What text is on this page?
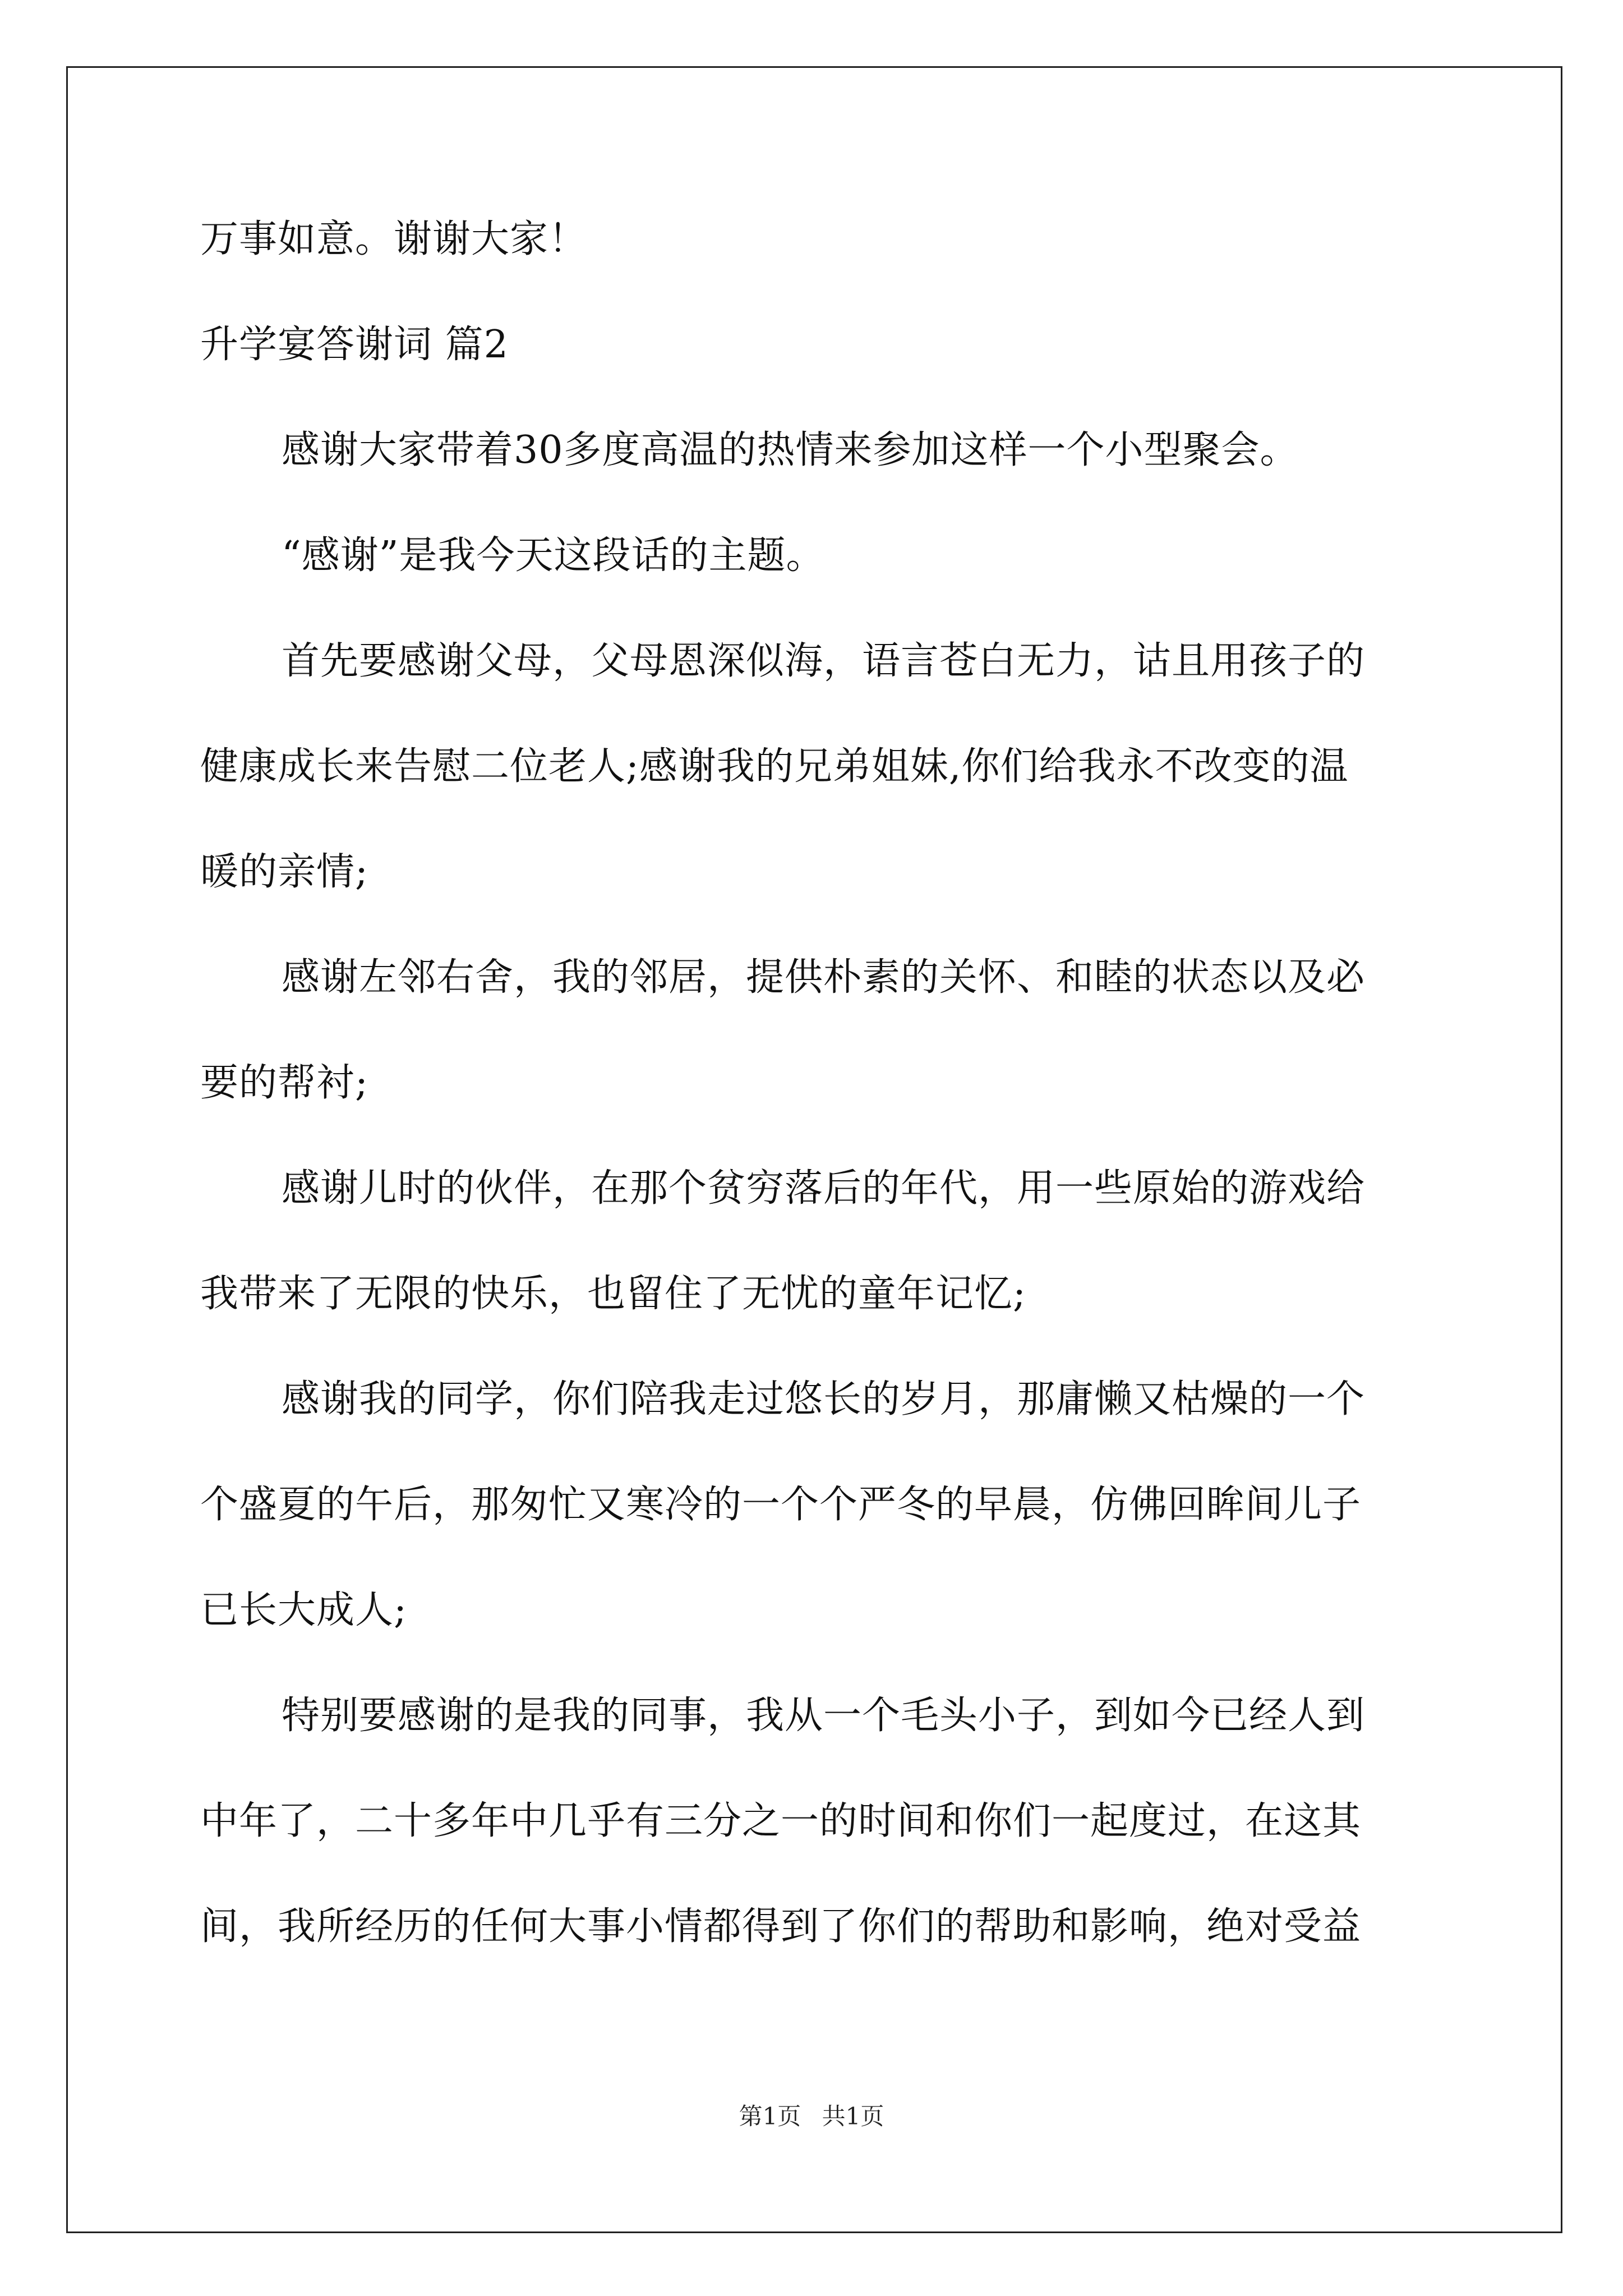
万事如意。谢谢大家！
升学宴答谢词 篇2
感谢大家带着30多度高温的热情来参加这样一个小型聚会。
“感谢”是我今天这段话的主题。
首先要感谢父母，父母恩深似海，语言苍白无力，诂且用孩子的
健康成长来告慰二位老人;感谢我的兄弟姐妹,你们给我永不改变的温
暖的亲情;
感谢左邻右舍，我的邻居，提供朴素的关怀、和睦的状态以及必
要的帮衬;
感谢儿时的伙伴，在那个贫穷落后的年代，用一些原始的游戏给
我带来了无限的快乐，也留住了无忧的童年记忆;
感谢我的同学，你们陪我走过悠长的岁月，那庸懒又枯燥的一个
个盛夏的午后，那匆忙又寒冷的一个个严冬的早晨，仿佛回眸间儿子
已长大成人;
特别要感谢的是我的同事，我从一个毛头小子，到如今已经人到
中年了，二十多年中几乎有三分之一的时间和你们一起度过，在这其
间，我所经历的任何大事小情都得到了你们的帮助和影响，绝对受益
第1页 共1页
